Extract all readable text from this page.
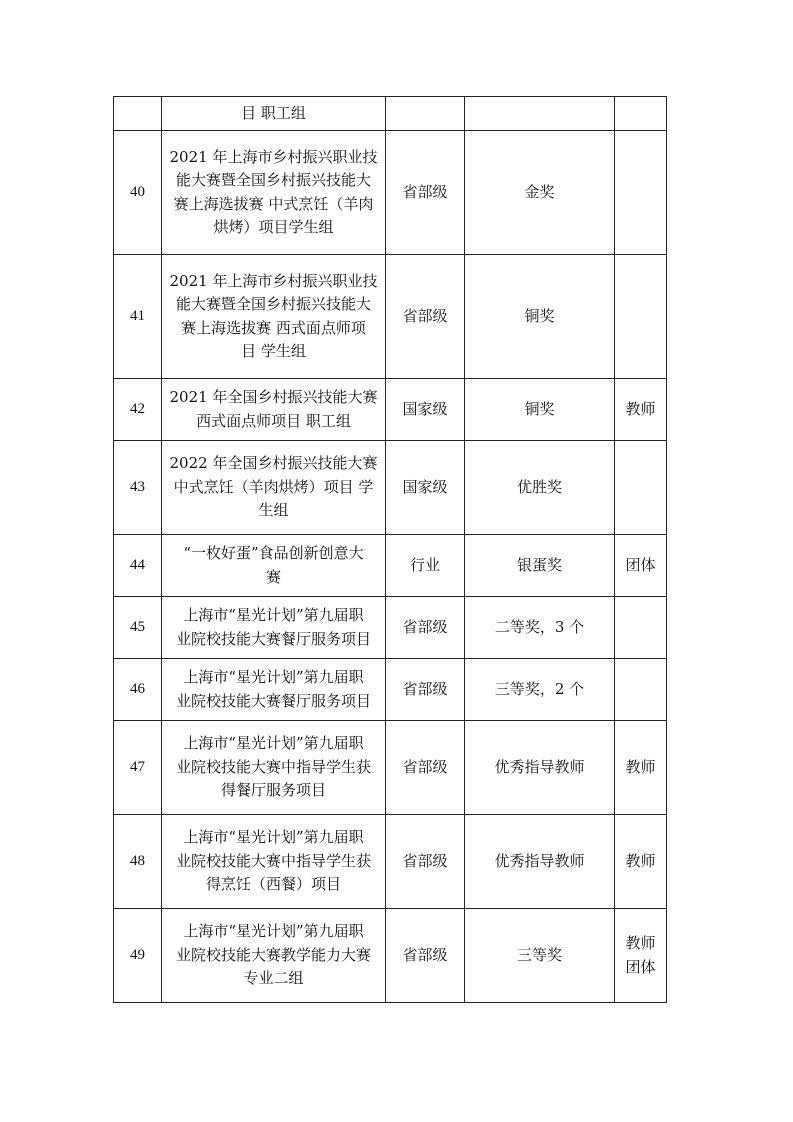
	目 职工组			
40	2021 年上海市乡村振兴职业技
能大赛暨全国乡村振兴技能大
赛上海选拔赛 中式烹饪（羊肉
烘烤）项目学生组	省部级	金奖	
41	2021 年上海市乡村振兴职业技
能大赛暨全国乡村振兴技能大
赛上海选拔赛 西式面点师项
目 学生组	省部级	铜奖	
42	2021 年全国乡村振兴技能大赛
西式面点师项目 职工组	国家级	铜奖	教师
43	2022 年全国乡村振兴技能大赛
中式烹饪（羊肉烘烤）项目 学
生组	国家级	优胜奖	
44	“一枚好蛋”食品创新创意大
赛	行业	银蛋奖	团体
45	上海市“星光计划”第九届职
业院校技能大赛餐厅服务项目	省部级	二等奖，3 个	
46	上海市“星光计划”第九届职
业院校技能大赛餐厅服务项目	省部级	三等奖，2 个	
47	上海市“星光计划”第九届职
业院校技能大赛中指导学生获
得餐厅服务项目	省部级	优秀指导教师	教师
48	上海市“星光计划”第九届职
业院校技能大赛中指导学生获
得烹饪（西餐）项目	省部级	优秀指导教师	教师
49	上海市“星光计划”第九届职
业院校技能大赛教学能力大赛
专业二组	省部级	三等奖	教师
团体
